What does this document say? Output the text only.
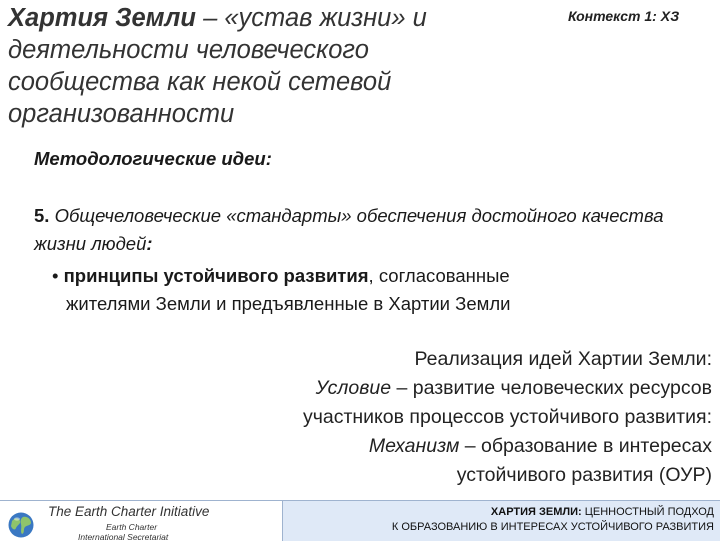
Хартия Земли – «устав жизни» и деятельности человеческого сообщества как некой сетевой организованности
Контекст 1: ХЗ
Методологические идеи:
5. Общечеловеческие «стандарты» обеспечения достойного качества жизни людей:
• принципы устойчивого развития, согласованные
жителями Земли и предъявленные в Хартии Земли
Реализация идей Хартии Земли:
Условие – развитие человеческих ресурсов
участников процессов устойчивого развития:
Механизм – образование в интересах
устойчивого развития (ОУР)
The Earth Charter Initiative
Earth Charter
International Secretariat
ХАРТИЯ ЗЕМЛИ: ЦЕННОСТНЫЙ ПОДХОД
К ОБРАЗОВАНИЮ В ИНТЕРЕСАХ УСТОЙЧИВОГО РАЗВИТИЯ
